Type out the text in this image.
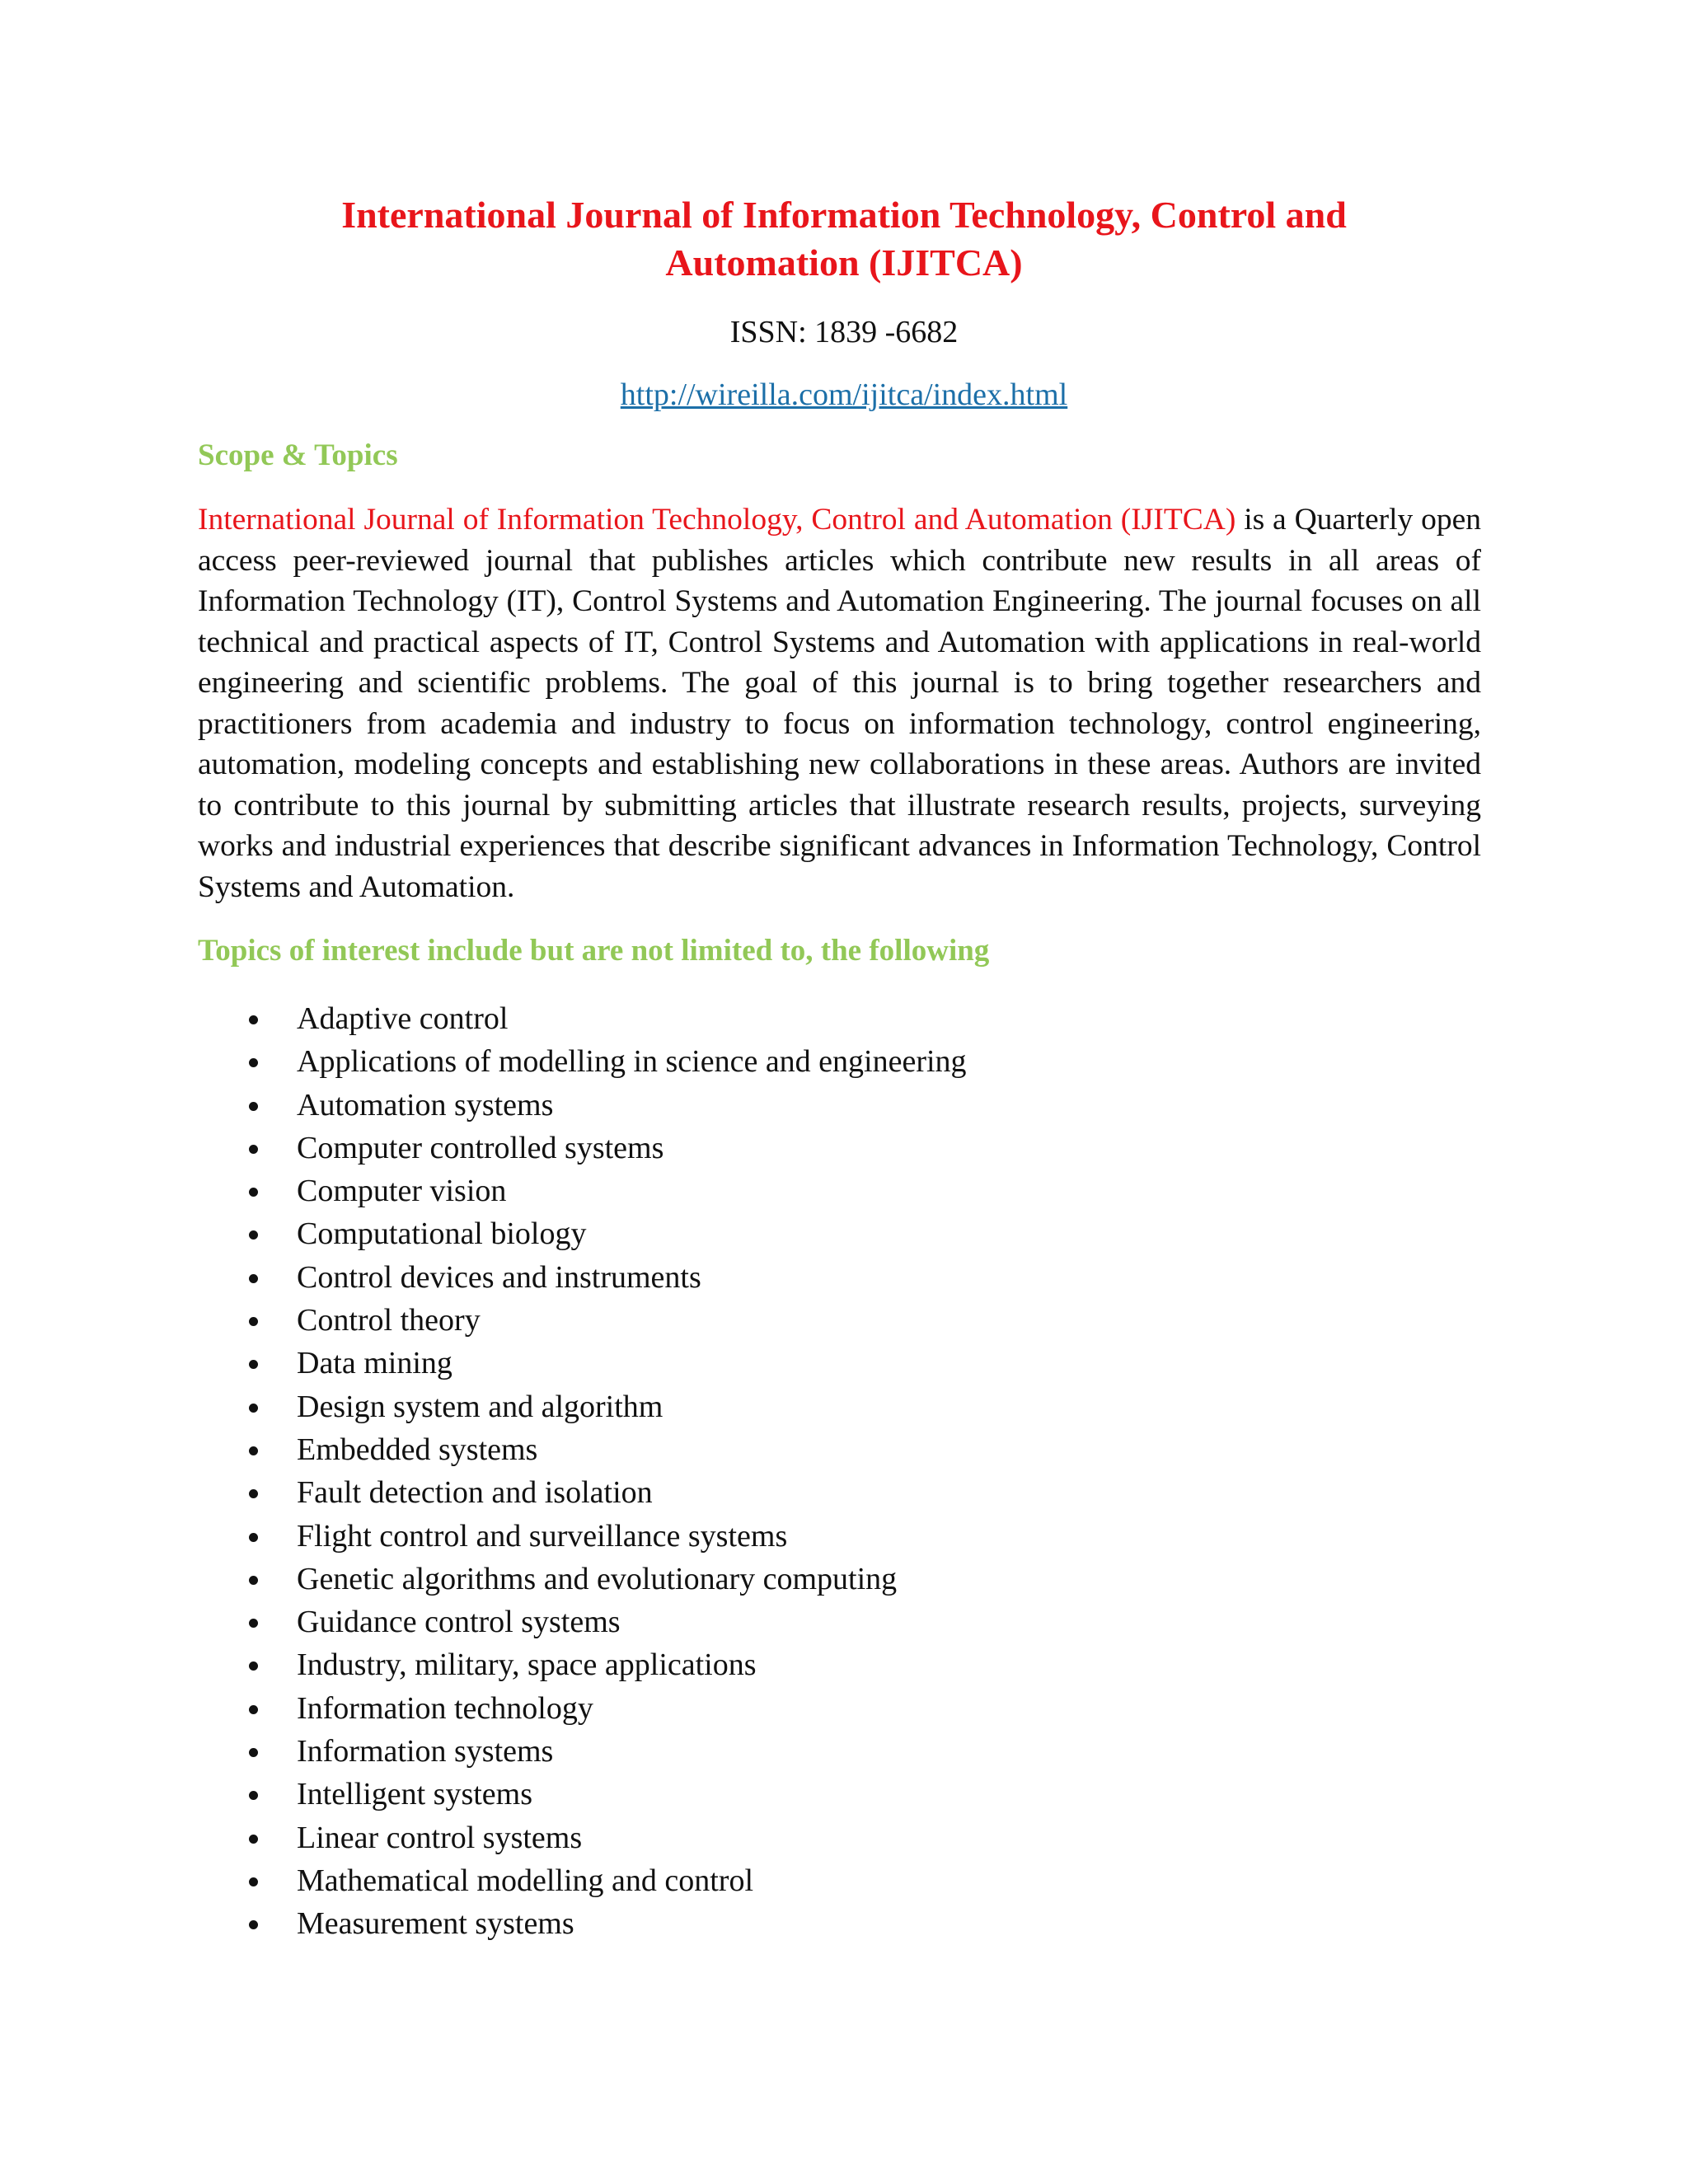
International Journal of Information Technology, Control and Automation (IJITCA)
ISSN: 1839 -6682
http://wireilla.com/ijitca/index.html
Scope & Topics

International Journal of Information Technology, Control and Automation (IJITCA) is a Quarterly open access peer-reviewed journal that publishes articles which contribute new results in all areas of Information Technology (IT), Control Systems and Automation Engineering. The journal focuses on all technical and practical aspects of IT, Control Systems and Automation with applications in real-world engineering and scientific problems. The goal of this journal is to bring together researchers and practitioners from academia and industry to focus on information technology, control engineering, automation, modeling concepts and establishing new collaborations in these areas. Authors are invited to contribute to this journal by submitting articles that illustrate research results, projects, surveying works and industrial experiences that describe significant advances in Information Technology, Control Systems and Automation.

Topics of interest include but are not limited to, the following
Adaptive control
Applications of modelling in science and engineering
Automation systems
Computer controlled systems
Computer vision
Computational biology
Control devices and instruments
Control theory
Data mining
Design system and algorithm
Embedded systems
Fault detection and isolation
Flight control and surveillance systems
Genetic algorithms and evolutionary computing
Guidance control systems
Industry, military, space applications
Information technology
Information systems
Intelligent systems
Linear control systems
Mathematical modelling and control
Measurement systems
